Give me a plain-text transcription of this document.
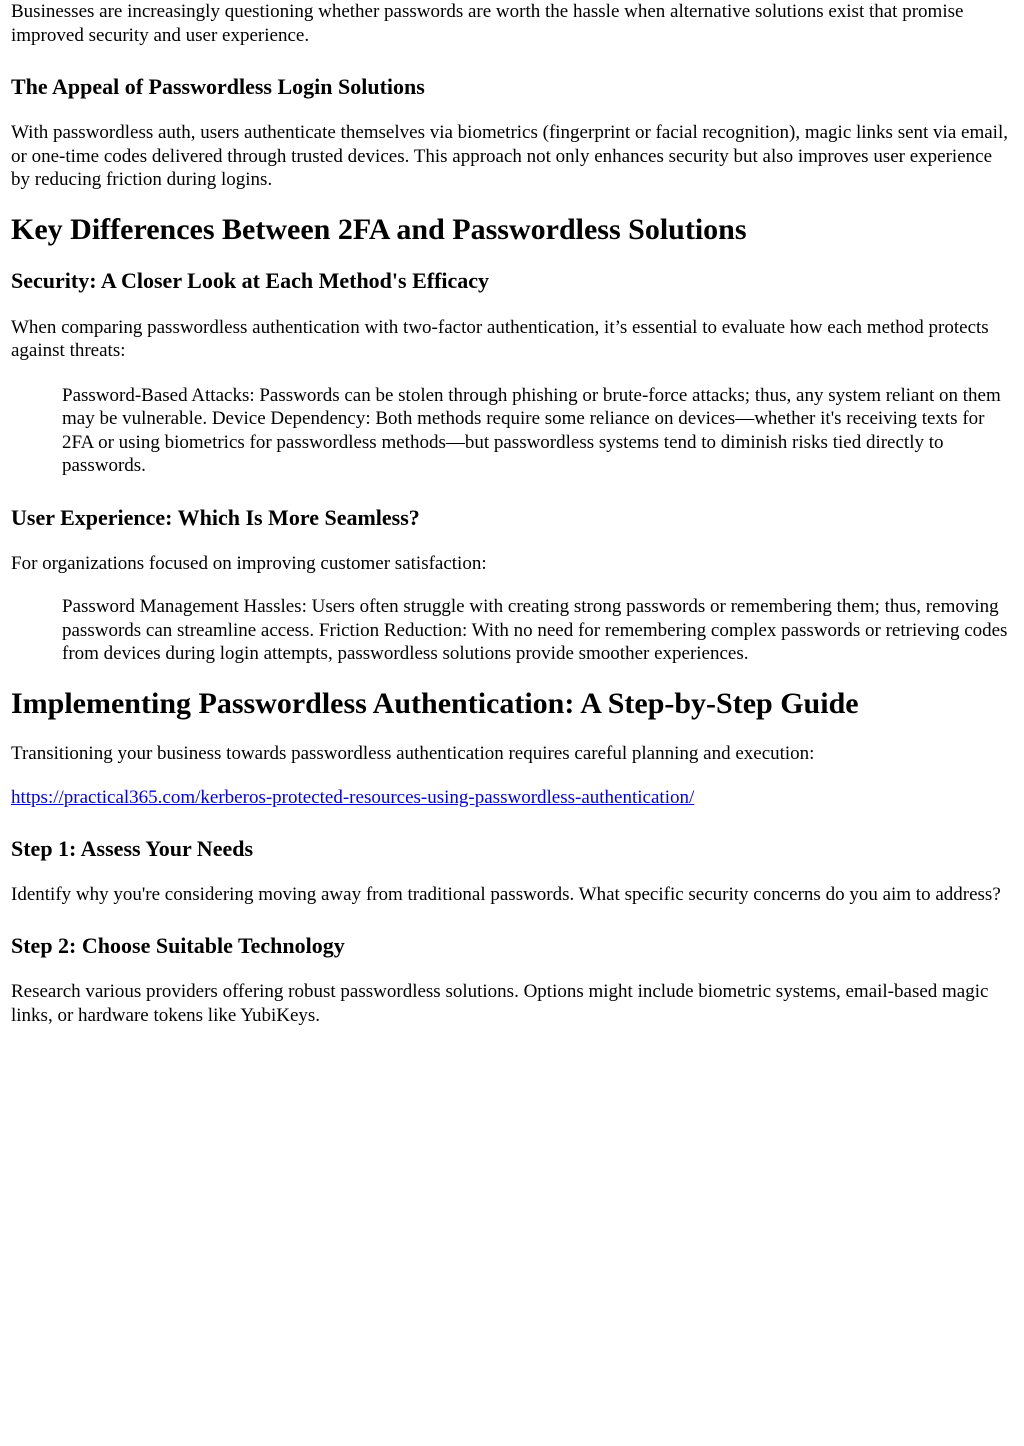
Businesses are increasingly questioning whether passwords are worth the hassle when alternative solutions exist that promise improved security and user experience.

The Appeal of Passwordless Login Solutions

With passwordless auth, users authenticate themselves via biometrics (fingerprint or facial recognition), magic links sent via email, or one-time codes delivered through trusted devices. This approach not only enhances security but also improves user experience by reducing friction during logins.

Key Differences Between 2FA and Passwordless Solutions
Security: A Closer Look at Each Method's Efficacy

When comparing passwordless authentication with two-factor authentication, it’s essential to evaluate how each method protects against threats:

Password-Based Attacks: Passwords can be stolen through phishing or brute-force attacks; thus, any system reliant on them may be vulnerable. Device Dependency: Both methods require some reliance on devices—whether it's receiving texts for 2FA or using biometrics for passwordless methods—but passwordless systems tend to diminish risks tied directly to passwords.

User Experience: Which Is More Seamless?

For organizations focused on improving customer satisfaction:

Password Management Hassles: Users often struggle with creating strong passwords or remembering them; thus, removing passwords can streamline access. Friction Reduction: With no need for remembering complex passwords or retrieving codes from devices during login attempts, passwordless solutions provide smoother experiences.

Implementing Passwordless Authentication: A Step-by-Step Guide

Transitioning your business towards passwordless authentication requires careful planning and execution:

https://practical365.com/kerberos-protected-resources-using-passwordless-authentication/

Step 1: Assess Your Needs

Identify why you're considering moving away from traditional passwords. What specific security concerns do you aim to address?

Step 2: Choose Suitable Technology

Research various providers offering robust passwordless solutions. Options might include biometric systems, email-based magic links, or hardware tokens like YubiKeys.
